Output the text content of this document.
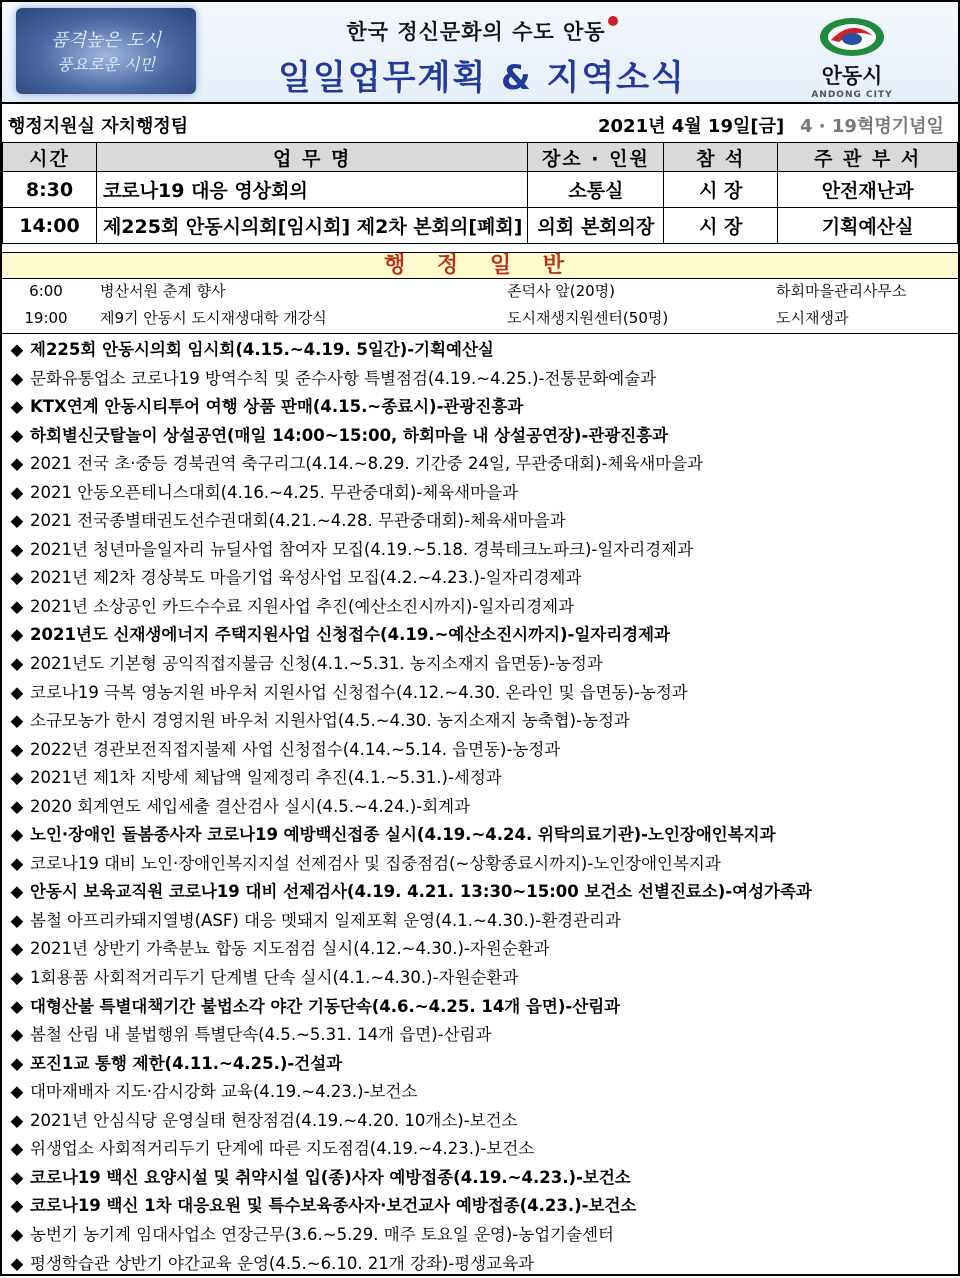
품격높은 도시
풍요로운 시민
한국 정신문화의 수도 안동
일일업무계획 & 지역소식	안동시
ANDONG CITY
행정지원실 자치행정팀	2021년 4월 19일[금] 4 · 19혁명기념일
시간	업 무 명	장소 · 인원	참 석	주 관 부 서
8:30	코로나19 대응 영상회의	소통실	시 장	안전재난과
14:00	제225회 안동시의회[임시회] 제2차 본회의[폐회]	의회 본회의장	시 장	기획예산실
행 정 일 반
6:00	병산서원 춘계 향사	존덕사 앞(20명)	하회마을관리사무소
19:00	제9기 안동시 도시재생대학 개강식	도시재생지원센터(50명)	도시재생과
◆ 제225회 안동시의회 임시회(4.15.~4.19. 5일간)-기획예산실
◆ 문화유통업소 코로나19 방역수칙 및 준수사항 특별점검(4.19.~4.25.)-전통문화예술과
◆ KTX연계 안동시티투어 여행 상품 판매(4.15.~종료시)-관광진흥과
◆ 하회별신굿탈놀이 상설공연(매일 14:00~15:00, 하회마을 내 상설공연장)-관광진흥과
◆ 2021 전국 초·중등 경북권역 축구리그(4.14.~8.29. 기간중 24일, 무관중대회)-체육새마을과
◆ 2021 안동오픈테니스대회(4.16.~4.25. 무관중대회)-체육새마을과
◆ 2021 전국종별태권도선수권대회(4.21.~4.28. 무관중대회)-체육새마을과
◆ 2021년 청년마을일자리 뉴딜사업 참여자 모집(4.19.~5.18. 경북테크노파크)-일자리경제과
◆ 2021년 제2차 경상북도 마을기업 육성사업 모집(4.2.~4.23.)-일자리경제과
◆ 2021년 소상공인 카드수수료 지원사업 추진(예산소진시까지)-일자리경제과
◆ 2021년도 신재생에너지 주택지원사업 신청접수(4.19.~예산소진시까지)-일자리경제과
◆ 2021년도 기본형 공익직접지불금 신청(4.1.~5.31. 농지소재지 읍면동)-농정과
◆ 코로나19 극복 영농지원 바우처 지원사업 신청접수(4.12.~4.30. 온라인 및 읍면동)-농정과
◆ 소규모농가 한시 경영지원 바우처 지원사업(4.5.~4.30. 농지소재지 농축협)-농정과
◆ 2022년 경관보전직접지불제 사업 신청접수(4.14.~5.14. 읍면동)-농정과
◆ 2021년 제1차 지방세 체납액 일제정리 추진(4.1.~5.31.)-세정과
◆ 2020 회계연도 세입세출 결산검사 실시(4.5.~4.24.)-회계과
◆ 노인·장애인 돌봄종사자 코로나19 예방백신접종 실시(4.19.~4.24. 위탁의료기관)-노인장애인복지과
◆ 코로나19 대비 노인·장애인복지지설 선제검사 및 집중점검(~상황종료시까지)-노인장애인복지과
◆ 안동시 보육교직원 코로나19 대비 선제검사(4.19. 4.21. 13:30~15:00 보건소 선별진료소)-여성가족과
◆ 봄철 아프리카돼지열병(ASF) 대응 멧돼지 일제포획 운영(4.1.~4.30.)-환경관리과
◆ 2021년 상반기 가축분뇨 합동 지도점검 실시(4.12.~4.30.)-자원순환과
◆ 1회용품 사회적거리두기 단계별 단속 실시(4.1.~4.30.)-자원순환과
◆ 대형산불 특별대책기간 불법소각 야간 기동단속(4.6.~4.25. 14개 읍면)-산림과
◆ 봄철 산림 내 불법행위 특별단속(4.5.~5.31. 14개 읍면)-산림과
◆ 포진1교 통행 제한(4.11.~4.25.)-건설과
◆ 대마재배자 지도·감시강화 교육(4.19.~4.23.)-보건소
◆ 2021년 안심식당 운영실태 현장점검(4.19.~4.20. 10개소)-보건소
◆ 위생업소 사회적거리두기 단계에 따른 지도점검(4.19.~4.23.)-보건소
◆ 코로나19 백신 요양시설 및 취약시설 입(종)사자 예방접종(4.19.~4.23.)-보건소
◆ 코로나19 백신 1차 대응요원 및 특수보육종사자·보건교사 예방접종(4.23.)-보건소
◆ 농번기 농기계 임대사업소 연장근무(3.6.~5.29. 매주 토요일 운영)-농업기술센터
◆ 평생학습관 상반기 야간교육 운영(4.5.~6.10. 21개 강좌)-평생교육과
